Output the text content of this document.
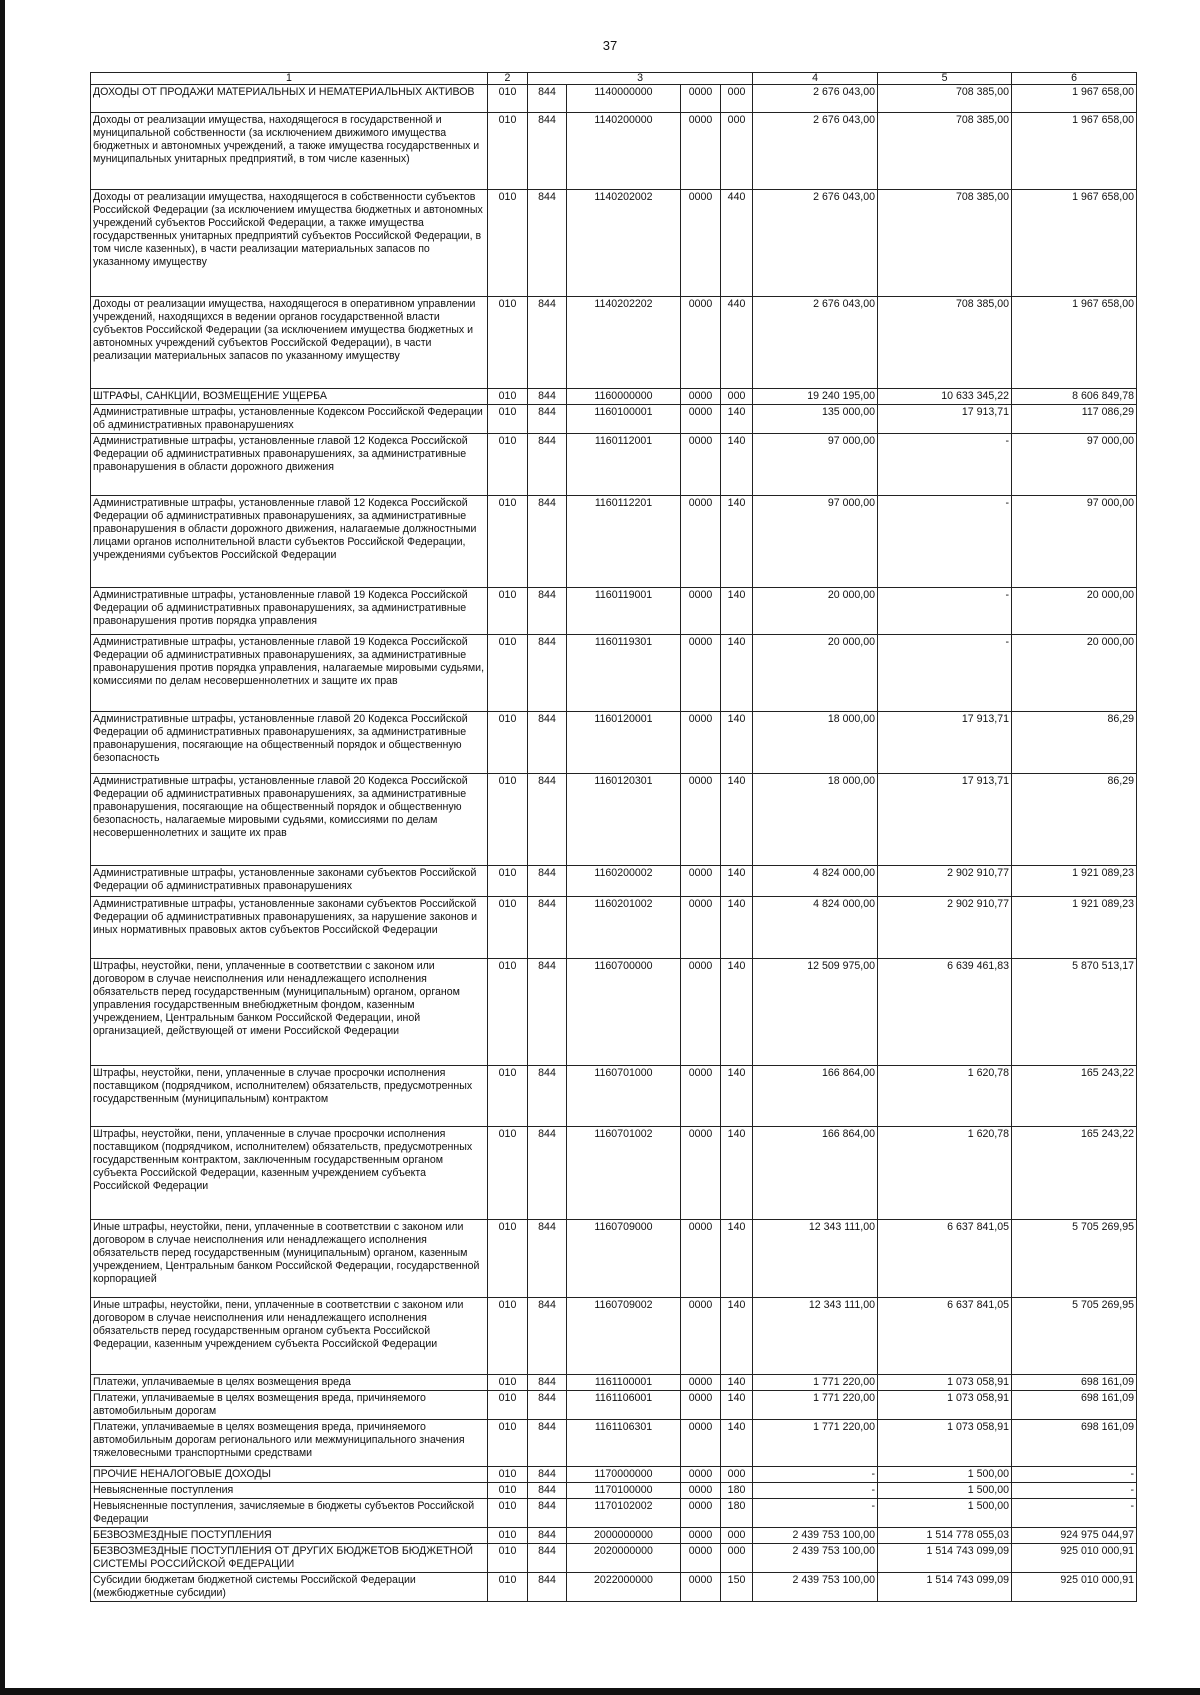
37
1	2	3				4	5	6
ДОХОДЫ ОТ ПРОДАЖИ МАТЕРИАЛЬНЫХ И НЕМАТЕРИАЛЬНЫХ АКТИВОВ	010	844	1140000000	0000	000	2 676 043,00	708 385,00	1 967 658,00
Доходы от реализации имущества, находящегося в государственной и муниципальной собственности (за исключением движимого имущества бюджетных и автономных учреждений, а также имущества государственных и муниципальных унитарных предприятий, в том числе казенных)	010	844	1140200000	0000	000	2 676 043,00	708 385,00	1 967 658,00
Доходы от реализации имущества, находящегося в собственности субъектов Российской Федерации (за исключением имущества бюджетных и автономных учреждений субъектов Российской Федерации, а также имущества государственных унитарных предприятий субъектов Российской Федерации, в том числе казенных), в части реализации материальных запасов по указанному имуществу	010	844	1140202002	0000	440	2 676 043,00	708 385,00	1 967 658,00
Доходы от реализации имущества, находящегося в оперативном управлении учреждений, находящихся в ведении органов государственной власти субъектов Российской Федерации (за исключением имущества бюджетных и автономных учреждений субъектов Российской Федерации), в части реализации материальных запасов по указанному имуществу	010	844	1140202202	0000	440	2 676 043,00	708 385,00	1 967 658,00
ШТРАФЫ, САНКЦИИ, ВОЗМЕЩЕНИЕ УЩЕРБА	010	844	1160000000	0000	000	19 240 195,00	10 633 345,22	8 606 849,78
Административные штрафы, установленные Кодексом Российской Федерации об административных правонарушениях	010	844	1160100001	0000	140	135 000,00	17 913,71	117 086,29
Административные штрафы, установленные главой 12 Кодекса Российской Федерации об административных правонарушениях, за административные правонарушения в области дорожного движения	010	844	1160112001	0000	140	97 000,00	-	97 000,00
Административные штрафы, установленные главой 12 Кодекса Российской Федерации об административных правонарушениях, за административные правонарушения в области дорожного движения, налагаемые должностными лицами органов исполнительной власти субъектов Российской Федерации, учреждениями субъектов Российской Федерации	010	844	1160112201	0000	140	97 000,00	-	97 000,00
Административные штрафы, установленные главой 19 Кодекса Российской Федерации об административных правонарушениях, за административные правонарушения против порядка управления	010	844	1160119001	0000	140	20 000,00	-	20 000,00
Административные штрафы, установленные главой 19 Кодекса Российской Федерации об административных правонарушениях, за административные правонарушения против порядка управления, налагаемые мировыми судьями, комиссиями по делам несовершеннолетних и защите их прав	010	844	1160119301	0000	140	20 000,00	-	20 000,00
Административные штрафы, установленные главой 20 Кодекса Российской Федерации об административных правонарушениях, за административные правонарушения, посягающие на общественный порядок и общественную безопасность	010	844	1160120001	0000	140	18 000,00	17 913,71	86,29
Административные штрафы, установленные главой 20 Кодекса Российской Федерации об административных правонарушениях, за административные правонарушения, посягающие на общественный порядок и общественную безопасность, налагаемые мировыми судьями, комиссиями по делам несовершеннолетних и защите их прав	010	844	1160120301	0000	140	18 000,00	17 913,71	86,29
Административные штрафы, установленные законами субъектов Российской Федерации об административных правонарушениях	010	844	1160200002	0000	140	4 824 000,00	2 902 910,77	1 921 089,23
Административные штрафы, установленные законами субъектов Российской Федерации об административных правонарушениях, за нарушение законов и иных нормативных правовых актов субъектов Российской Федерации	010	844	1160201002	0000	140	4 824 000,00	2 902 910,77	1 921 089,23
Штрафы, неустойки, пени, уплаченные в соответствии с законом или договором в случае неисполнения или ненадлежащего исполнения обязательств перед государственным (муниципальным) органом, органом управления государственным внебюджетным фондом, казенным учреждением, Центральным банком Российской Федерации, иной организацией, действующей от имени Российской Федерации	010	844	1160700000	0000	140	12 509 975,00	6 639 461,83	5 870 513,17
Штрафы, неустойки, пени, уплаченные в случае просрочки исполнения поставщиком (подрядчиком, исполнителем) обязательств, предусмотренных государственным (муниципальным) контрактом	010	844	1160701000	0000	140	166 864,00	1 620,78	165 243,22
Штрафы, неустойки, пени, уплаченные в случае просрочки исполнения поставщиком (подрядчиком, исполнителем) обязательств, предусмотренных государственным контрактом, заключенным государственным органом субъекта Российской Федерации, казенным учреждением субъекта Российской Федерации	010	844	1160701002	0000	140	166 864,00	1 620,78	165 243,22
Иные штрафы, неустойки, пени, уплаченные в соответствии с законом или договором в случае неисполнения или ненадлежащего исполнения обязательств перед государственным (муниципальным) органом, казенным учреждением, Центральным банком Российской Федерации, государственной корпорацией	010	844	1160709000	0000	140	12 343 111,00	6 637 841,05	5 705 269,95
Иные штрафы, неустойки, пени, уплаченные в соответствии с законом или договором в случае неисполнения или ненадлежащего исполнения обязательств перед государственным органом субъекта Российской Федерации, казенным учреждением субъекта Российской Федерации	010	844	1160709002	0000	140	12 343 111,00	6 637 841,05	5 705 269,95
Платежи, уплачиваемые в целях возмещения вреда	010	844	1161100001	0000	140	1 771 220,00	1 073 058,91	698 161,09
Платежи, уплачиваемые в целях возмещения вреда, причиняемого автомобильным дорогам	010	844	1161106001	0000	140	1 771 220,00	1 073 058,91	698 161,09
Платежи, уплачиваемые в целях возмещения вреда, причиняемого автомобильным дорогам регионального или межмуниципального значения тяжеловесными транспортными средствами	010	844	1161106301	0000	140	1 771 220,00	1 073 058,91	698 161,09
ПРОЧИЕ НЕНАЛОГОВЫЕ ДОХОДЫ	010	844	1170000000	0000	000	-	1 500,00	-
Невыясненные поступления	010	844	1170100000	0000	180	-	1 500,00	-
Невыясненные поступления, зачисляемые в бюджеты субъектов Российской Федерации	010	844	1170102002	0000	180	-	1 500,00	-
БЕЗВОЗМЕЗДНЫЕ ПОСТУПЛЕНИЯ	010	844	2000000000	0000	000	2 439 753 100,00	1 514 778 055,03	924 975 044,97
БЕЗВОЗМЕЗДНЫЕ ПОСТУПЛЕНИЯ ОТ ДРУГИХ БЮДЖЕТОВ БЮДЖЕТНОЙ СИСТЕМЫ РОССИЙСКОЙ ФЕДЕРАЦИИ	010	844	2020000000	0000	000	2 439 753 100,00	1 514 743 099,09	925 010 000,91
Субсидии бюджетам бюджетной системы Российской Федерации (межбюджетные субсидии)	010	844	2022000000	0000	150	2 439 753 100,00	1 514 743 099,09	925 010 000,91
